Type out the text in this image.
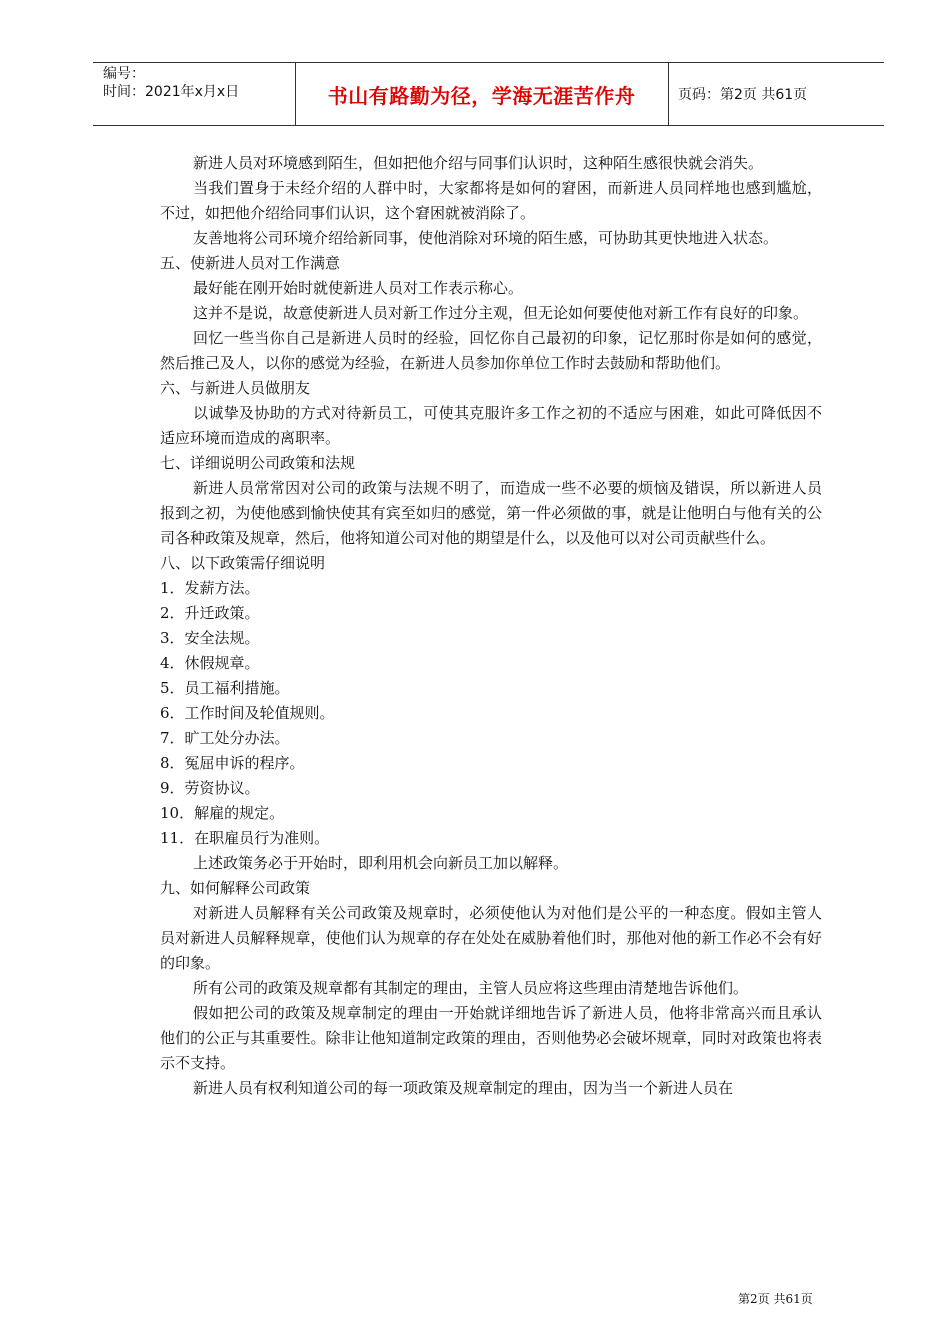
编号：
时间：2021年x月x日	书山有路勤为径，学海无涯苦作舟	页码：第2页 共61页

新进人员对环境感到陌生，但如把他介绍与同事们认识时，这种陌生感很快就会消失。

当我们置身于未经介绍的人群中时，大家都将是如何的窘困，而新进人员同样地也感到尴尬，不过，如把他介绍给同事们认识，这个窘困就被消除了。

友善地将公司环境介绍给新同事，使他消除对环境的陌生感，可协助其更快地进入状态。

五、使新进人员对工作满意

最好能在刚开始时就使新进人员对工作表示称心。

这并不是说，故意使新进人员对新工作过分主观，但无论如何要使他对新工作有良好的印象。

回忆一些当你自己是新进人员时的经验，回忆你自己最初的印象，记忆那时你是如何的感觉，然后推己及人，以你的感觉为经验，在新进人员参加你单位工作时去鼓励和帮助他们。

六、与新进人员做朋友

以诚挚及协助的方式对待新员工，可使其克服许多工作之初的不适应与困难，如此可降低因不适应环境而造成的离职率。

七、详细说明公司政策和法规

新进人员常常因对公司的政策与法规不明了，而造成一些不必要的烦恼及错误，所以新进人员报到之初，为使他感到愉快使其有宾至如归的感觉，第一件必须做的事，就是让他明白与他有关的公司各种政策及规章，然后，他将知道公司对他的期望是什么，以及他可以对公司贡献些什么。

八、以下政策需仔细说明

1．发薪方法。

2．升迁政策。

3．安全法规。

4．休假规章。

5．员工福利措施。

6．工作时间及轮值规则。

7．旷工处分办法。

8．冤屈申诉的程序。

9．劳资协议。

10．解雇的规定。

11．在职雇员行为准则。

上述政策务必于开始时，即利用机会向新员工加以解释。

九、如何解释公司政策

对新进人员解释有关公司政策及规章时，必须使他认为对他们是公平的一种态度。假如主管人员对新进人员解释规章，使他们认为规章的存在处处在威胁着他们时，那他对他的新工作必不会有好的印象。

所有公司的政策及规章都有其制定的理由，主管人员应将这些理由清楚地告诉他们。

假如把公司的政策及规章制定的理由一开始就详细地告诉了新进人员，他将非常高兴而且承认他们的公正与其重要性。除非让他知道制定政策的理由，否则他势必会破坏规章，同时对政策也将表示不支持。

新进人员有权利知道公司的每一项政策及规章制定的理由，因为当一个新进人员在

第2页 共61页
